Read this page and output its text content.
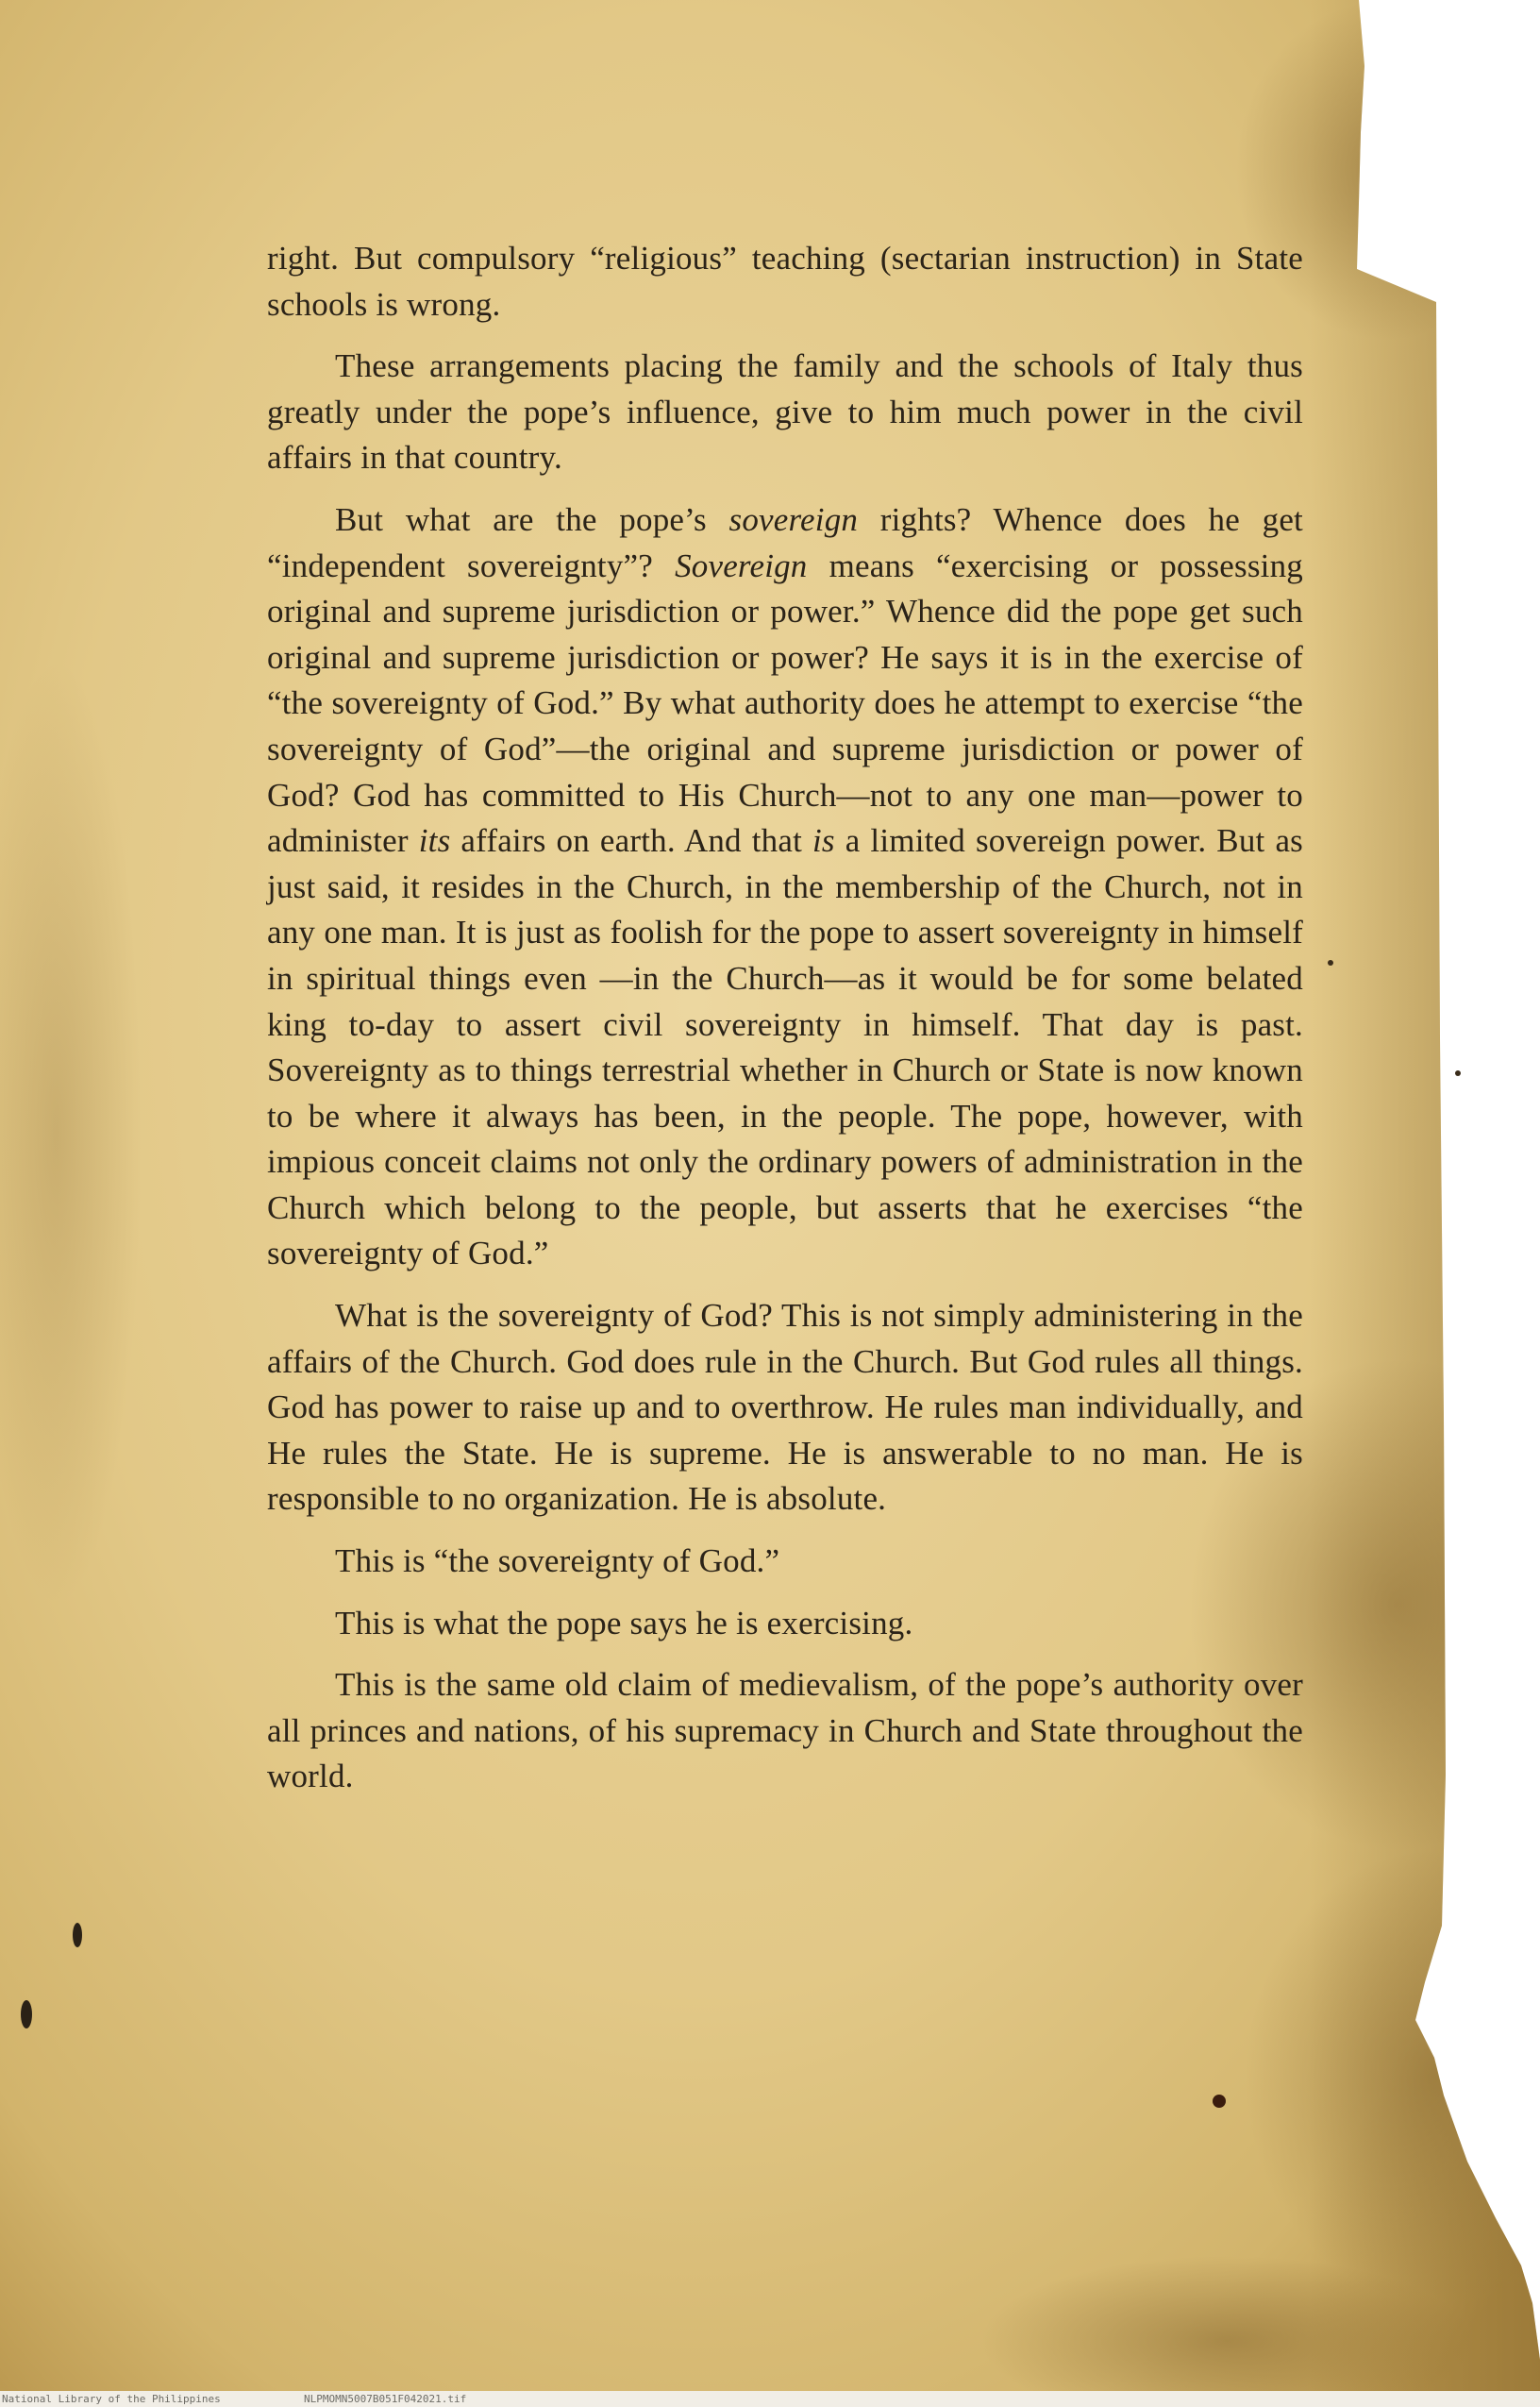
right. But compulsory “religious” teaching (sectarian instruction) in State schools is wrong.

These arrangements placing the family and the schools of Italy thus greatly under the pope’s influence, give to him much power in the civil affairs in that country.

But what are the pope’s sovereign rights? Whence does he get “independent sovereignty”? Sovereign means “exercising or possessing original and supreme jurisdiction or power.” Whence did the pope get such original and supreme jurisdiction or power? He says it is in the exercise of “the sovereignty of God.” By what authority does he attempt to exercise “the sovereignty of God”—the original and supreme jurisdiction or power of God? God has committed to His Church—not to any one man—power to administer its affairs on earth. And that is a limited sovereign power. But as just said, it resides in the Church, in the membership of the Church, not in any one man. It is just as foolish for the pope to assert sovereignty in himself in spiritual things even —in the Church—as it would be for some belated king to-day to assert civil sovereignty in himself. That day is past. Sovereignty as to things terrestrial whether in Church or State is now known to be where it always has been, in the people. The pope, however, with impious conceit claims not only the ordinary powers of administration in the Church which belong to the people, but asserts that he exercises “the sovereignty of God.”

What is the sovereignty of God? This is not simply administering in the affairs of the Church. God does rule in the Church. But God rules all things. God has power to raise up and to overthrow. He rules man individually, and He rules the State. He is supreme. He is answerable to no man. He is responsible to no organization. He is absolute.

This is “the sovereignty of God.”

This is what the pope says he is exercising.

This is the same old claim of medievalism, of the pope’s authority over all princes and nations, of his supremacy in Church and State throughout the world.

National Library of the Philippines	NLPMOMN5007B051F042021.tif
